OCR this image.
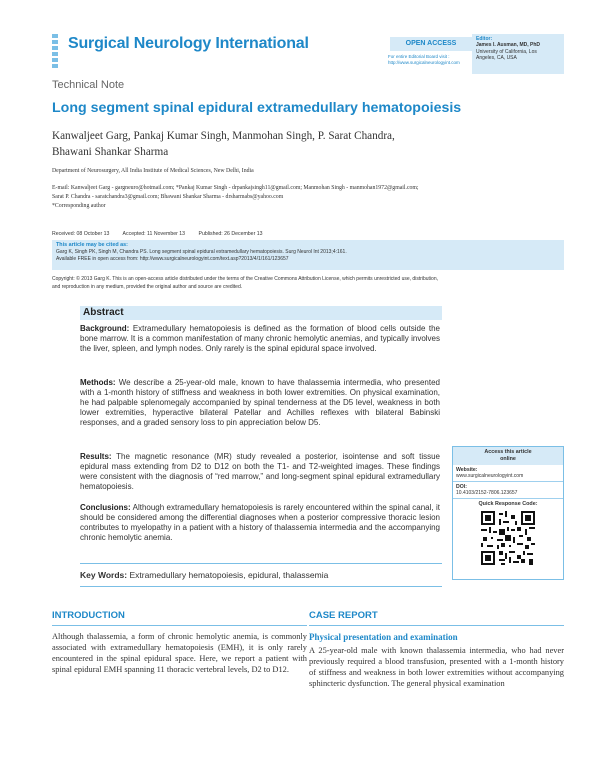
Surgical Neurology International	OPEN ACCESS
For entire Editorial Board visit :
http://www.surgicalneurologyint.com
Editor:
James I. Ausman, MD, PhD
University of California, Los
Angeles, CA, USA
Technical Note
Long segment spinal epidural extramedullary hematopoiesis
Kanwaljeet Garg, Pankaj Kumar Singh, Manmohan Singh, P. Sarat Chandra,
Bhawani Shankar Sharma
Department of Neurosurgery, All India Institute of Medical Sciences, New Delhi, India
E-mail: Kanwaljeet Garg - gargneuro@hotmail.com; *Pankaj Kumar Singh - drpankajsingh11@gmail.com; Manmohan Singh - manmohan1972@gmail.com;
Sarat P. Chandra - saratchandra3@gmail.com; Bhawani Shankar Sharma - drsharmabs@yahoo.com
*Corresponding author
Received: 08 October 13	Accepted: 11 November 13	Published: 26 December 13
This article may be cited as:
Garg K, Singh PK, Singh M, Chandra PS. Long segment spinal epidural extramedullary hematopoiesis. Surg Neurol Int 2013;4:161.
Available FREE in open access from: http://www.surgicalneurologyint.com/text.asp?2013/4/1/161/123657
Copyright: © 2013 Garg K. This is an open-access article distributed under the terms of the Creative Commons Attribution License, which permits unrestricted use, distribution,
and reproduction in any medium, provided the original author and source are credited.
Abstract
Background: Extramedullary hematopoiesis is defined as the formation of blood cells outside the bone marrow. It is a common manifestation of many chronic hemolytic anemias, and typically involves the liver, spleen, and lymph nodes. Only rarely is the spinal epidural space involved.
Methods: We describe a 25-year-old male, known to have thalassemia intermedia, who presented with a 1-month history of stiffness and weakness in both lower extremities. On physical examination, he had palpable splenomegaly accompanied by spinal tenderness at the D5 level, weakness in both lower extremities, hyperactive bilateral Patellar and Achilles reflexes with bilateral Babinski responses, and a graded sensory loss to pin appreciation below D5.
Results: The magnetic resonance (MR) study revealed a posterior, isointense and soft tissue epidural mass extending from D2 to D12 on both the T1- and T2-weighted images. These findings were consistent with the diagnosis of “red marrow,” and long-segment spinal epidural extramedullary hematopoiesis.
Conclusions: Although extramedullary hematopoiesis is rarely encountered within the spinal canal, it should be considered among the differential diagnoses when a posterior compressive thoracic lesion contributes to myelopathy in a patient with a history of thalassemia intermedia and the accompanying chronic hemolytic anemia.
Key Words: Extramedullary hematopoiesis, epidural, thalassemia
Access this article
online
Website:
www.surgicalneurologyint.com
DOI:
10.4103/2152-7806.123657
Quick Response Code:
INTRODUCTION
Although thalassemia, a form of chronic hemolytic anemia, is commonly associated with extramedullary hematopoiesis (EMH), it is only rarely encountered in the spinal epidural space. Here, we report a patient with spinal epidural EMH spanning 11 thoracic vertebral levels, D2 to D12.
CASE REPORT
Physical presentation and examination
A 25-year-old male with known thalassemia intermedia, who had never previously required a blood transfusion, presented with a 1-month history of stiffness and weakness in both lower extremities without accompanying sphincteric dysfunction. The general physical examination
